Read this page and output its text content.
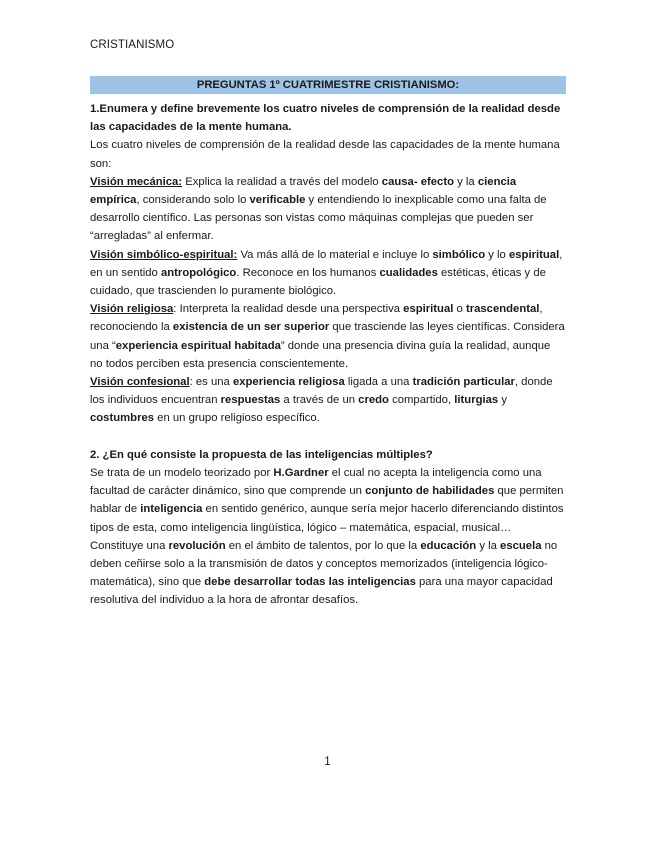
CRISTIANISMO
PREGUNTAS 1º CUATRIMESTRE CRISTIANISMO:

1.Enumera y define brevemente los cuatro niveles de comprensión de la realidad desde las capacidades de la mente humana.

Los cuatro niveles de comprensión de la realidad desde las capacidades de la mente humana son:

Visión mecánica: Explica la realidad a través del modelo causa- efecto y la ciencia empírica, considerando solo lo verificable y entendiendo lo inexplicable como una falta de desarrollo científico. Las personas son vistas como máquinas complejas que pueden ser “arregladas” al enfermar.

Visión simbólico-espiritual: Va más allá de lo material e incluye lo simbólico y lo espiritual, en un sentido antropológico. Reconoce en los humanos cualidades estéticas, éticas y de cuidado, que trascienden lo puramente biológico.

Visión religiosa: Interpreta la realidad desde una perspectiva espiritual o trascendental, reconociendo la existencia de un ser superior que trasciende las leyes científicas. Considera una “experiencia espiritual habitada” donde una presencia divina guía la realidad, aunque no todos perciben esta presencia conscientemente.

Visión confesional: es una experiencia religiosa ligada a una tradición particular, donde los individuos encuentran respuestas a través de un credo compartido, liturgias y costumbres en un grupo religioso específico.

2. ¿En qué consiste la propuesta de las inteligencias múltiples?

Se trata de un modelo teorizado por H.Gardner el cual no acepta la inteligencia como una facultad de carácter dinámico, sino que comprende un conjunto de habilidades que permiten hablar de inteligencia en sentido genérico, aunque sería mejor hacerlo diferenciando distintos tipos de esta, como inteligencia lingüística, lógico – matemática, espacial, musical…

Constituye una revolución en el ámbito de talentos, por lo que la educación y la escuela no deben ceñirse solo a la transmisión de datos y conceptos memorizados (inteligencia lógico- matemática), sino que debe desarrollar todas las inteligencias para una mayor capacidad resolutiva del individuo a la hora de afrontar desafíos.

1
